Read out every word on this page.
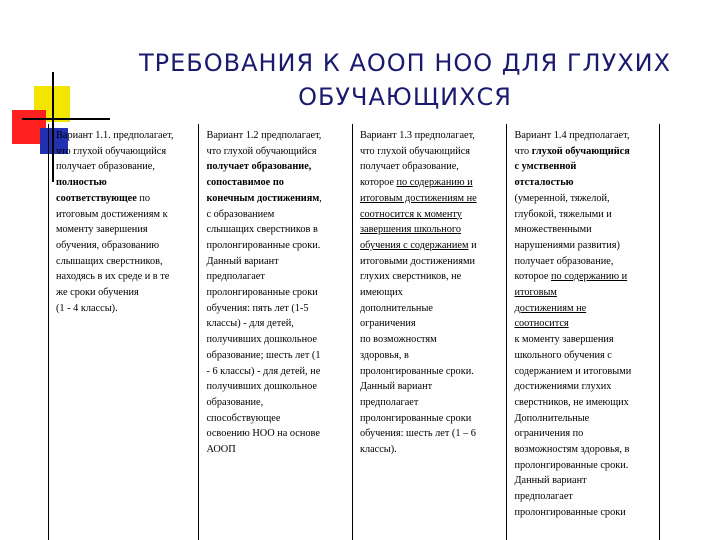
ТРЕБОВАНИЯ К АООП НОО ДЛЯ ГЛУХИХ
ОБУЧАЮЩИХСЯ
Вариант 1.1. предполагает,
что глухой обучающийся
получает образование,
полностью
соответствующее по
итоговым достижениям к
моменту завершения
обучения, образованию
слышащих сверстников,
находясь в их среде и в те
же сроки обучения
(1 - 4 классы).

Вариант 1.2 предполагает,
что глухой обучающийся
получает образование,
сопоставимое по
конечным достижениям,
с образованием
слышащих сверстников в
пролонгированные сроки.
Данный вариант
предполагает
пролонгированные сроки
обучения: пять лет (1-5
классы) - для детей,
получивших дошкольное
образование; шесть лет (1
- 6 классы) - для детей, не
получивших дошкольное
образование,
способствующее
освоению НОО на основе
АООП

Вариант 1.3 предполагает,
что глухой обучающийся
получает образование,
которое по содержанию и
итоговым достижениям не
соотносится к моменту
завершения школьного
обучения с содержанием и
итоговыми достижениями
глухих сверстников, не
имеющих
дополнительные
ограничения
по возможностям
здоровья, в
пролонгированные сроки.
Данный вариант
предполагает
пролонгированные сроки
обучения: шесть лет (1 – 6
классы).

Вариант 1.4 предполагает,
что глухой обучающийся
с умственной
отсталостью
(умеренной, тяжелой,
глубокой, тяжелыми и
множественными
нарушениями развития)
получает образование,
которое по содержанию и
итоговым
достижениям не
соотносится
к моменту завершения
школьного обучения с
содержанием и итоговыми
достижениями глухих
сверстников, не имеющих
Дополнительные
ограничения по
возможностям здоровья, в
пролонгированные сроки.
Данный вариант
предполагает
пролонгированные сроки
